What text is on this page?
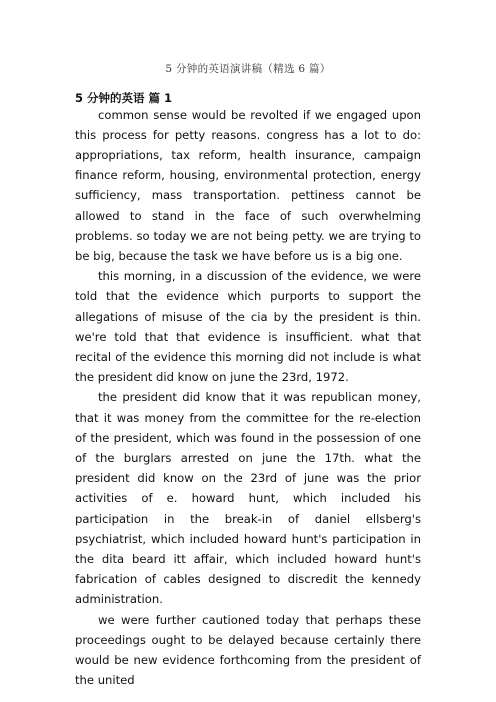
5 分钟的英语演讲稿（精选 6 篇）
5 分钟的英语 篇 1

common sense would be revolted if we engaged upon this process for petty reasons. congress has a lot to do: appropriations, tax reform, health insurance, campaign finance reform, housing, environmental protection, energy sufficiency, mass transportation. pettiness cannot be allowed to stand in the face of such overwhelming problems. so today we are not being petty. we are trying to be big, because the task we have before us is a big one.

this morning, in a discussion of the evidence, we were told that the evidence which purports to support the allegations of misuse of the cia by the president is thin. we're told that that evidence is insufficient. what that recital of the evidence this morning did not include is what the president did know on june the 23rd, 1972.

the president did know that it was republican money, that it was money from the committee for the re-election of the president, which was found in the possession of one of the burglars arrested on june the 17th. what the president did know on the 23rd of june was the prior activities of e. howard hunt, which included his participation in the break-in of daniel ellsberg's psychiatrist, which included howard hunt's participation in the dita beard itt affair, which included howard hunt's fabrication of cables designed to discredit the kennedy administration.

we were further cautioned today that perhaps these proceedings ought to be delayed because certainly there would be new evidence forthcoming from the president of the united
